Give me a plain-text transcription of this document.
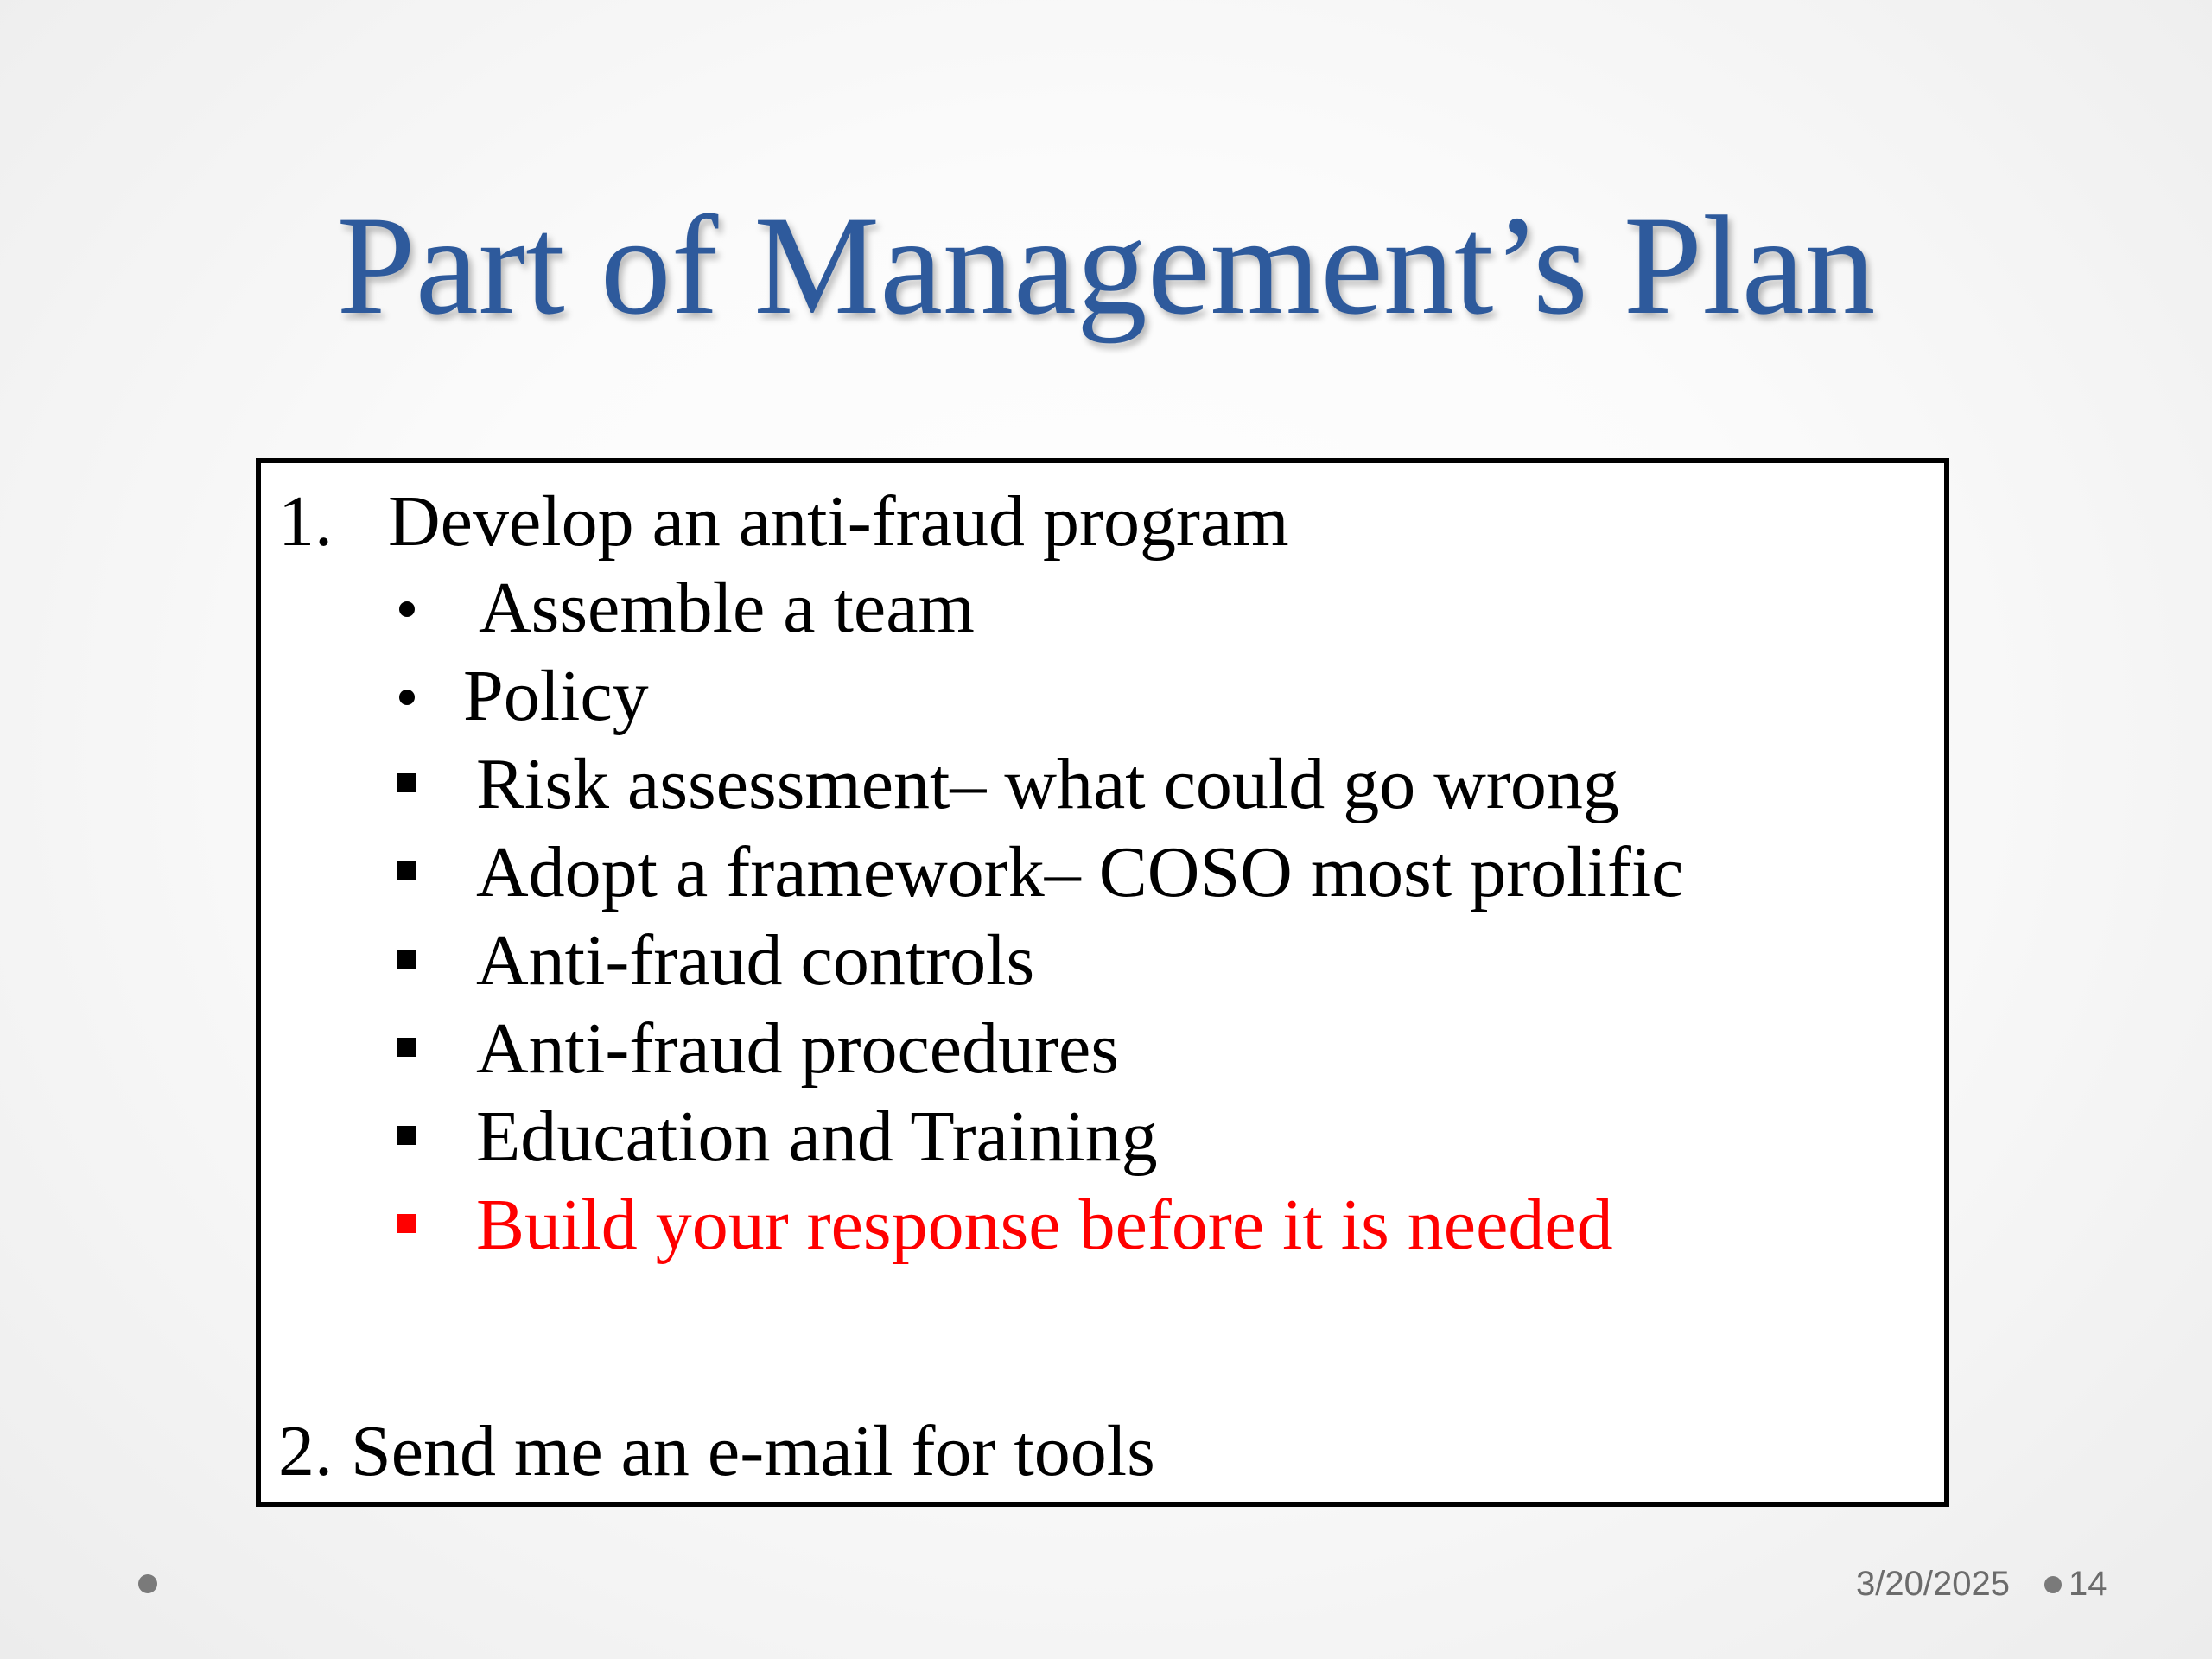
Part of Management’s Plan
1. Develop an anti-fraud program
Assemble a team
Policy
Risk assessment– what could go wrong
Adopt a framework– COSO most prolific
Anti-fraud controls
Anti-fraud procedures
Education and Training
Build your response before it is needed
2. Send me an e-mail for tools
3/20/2025 14
